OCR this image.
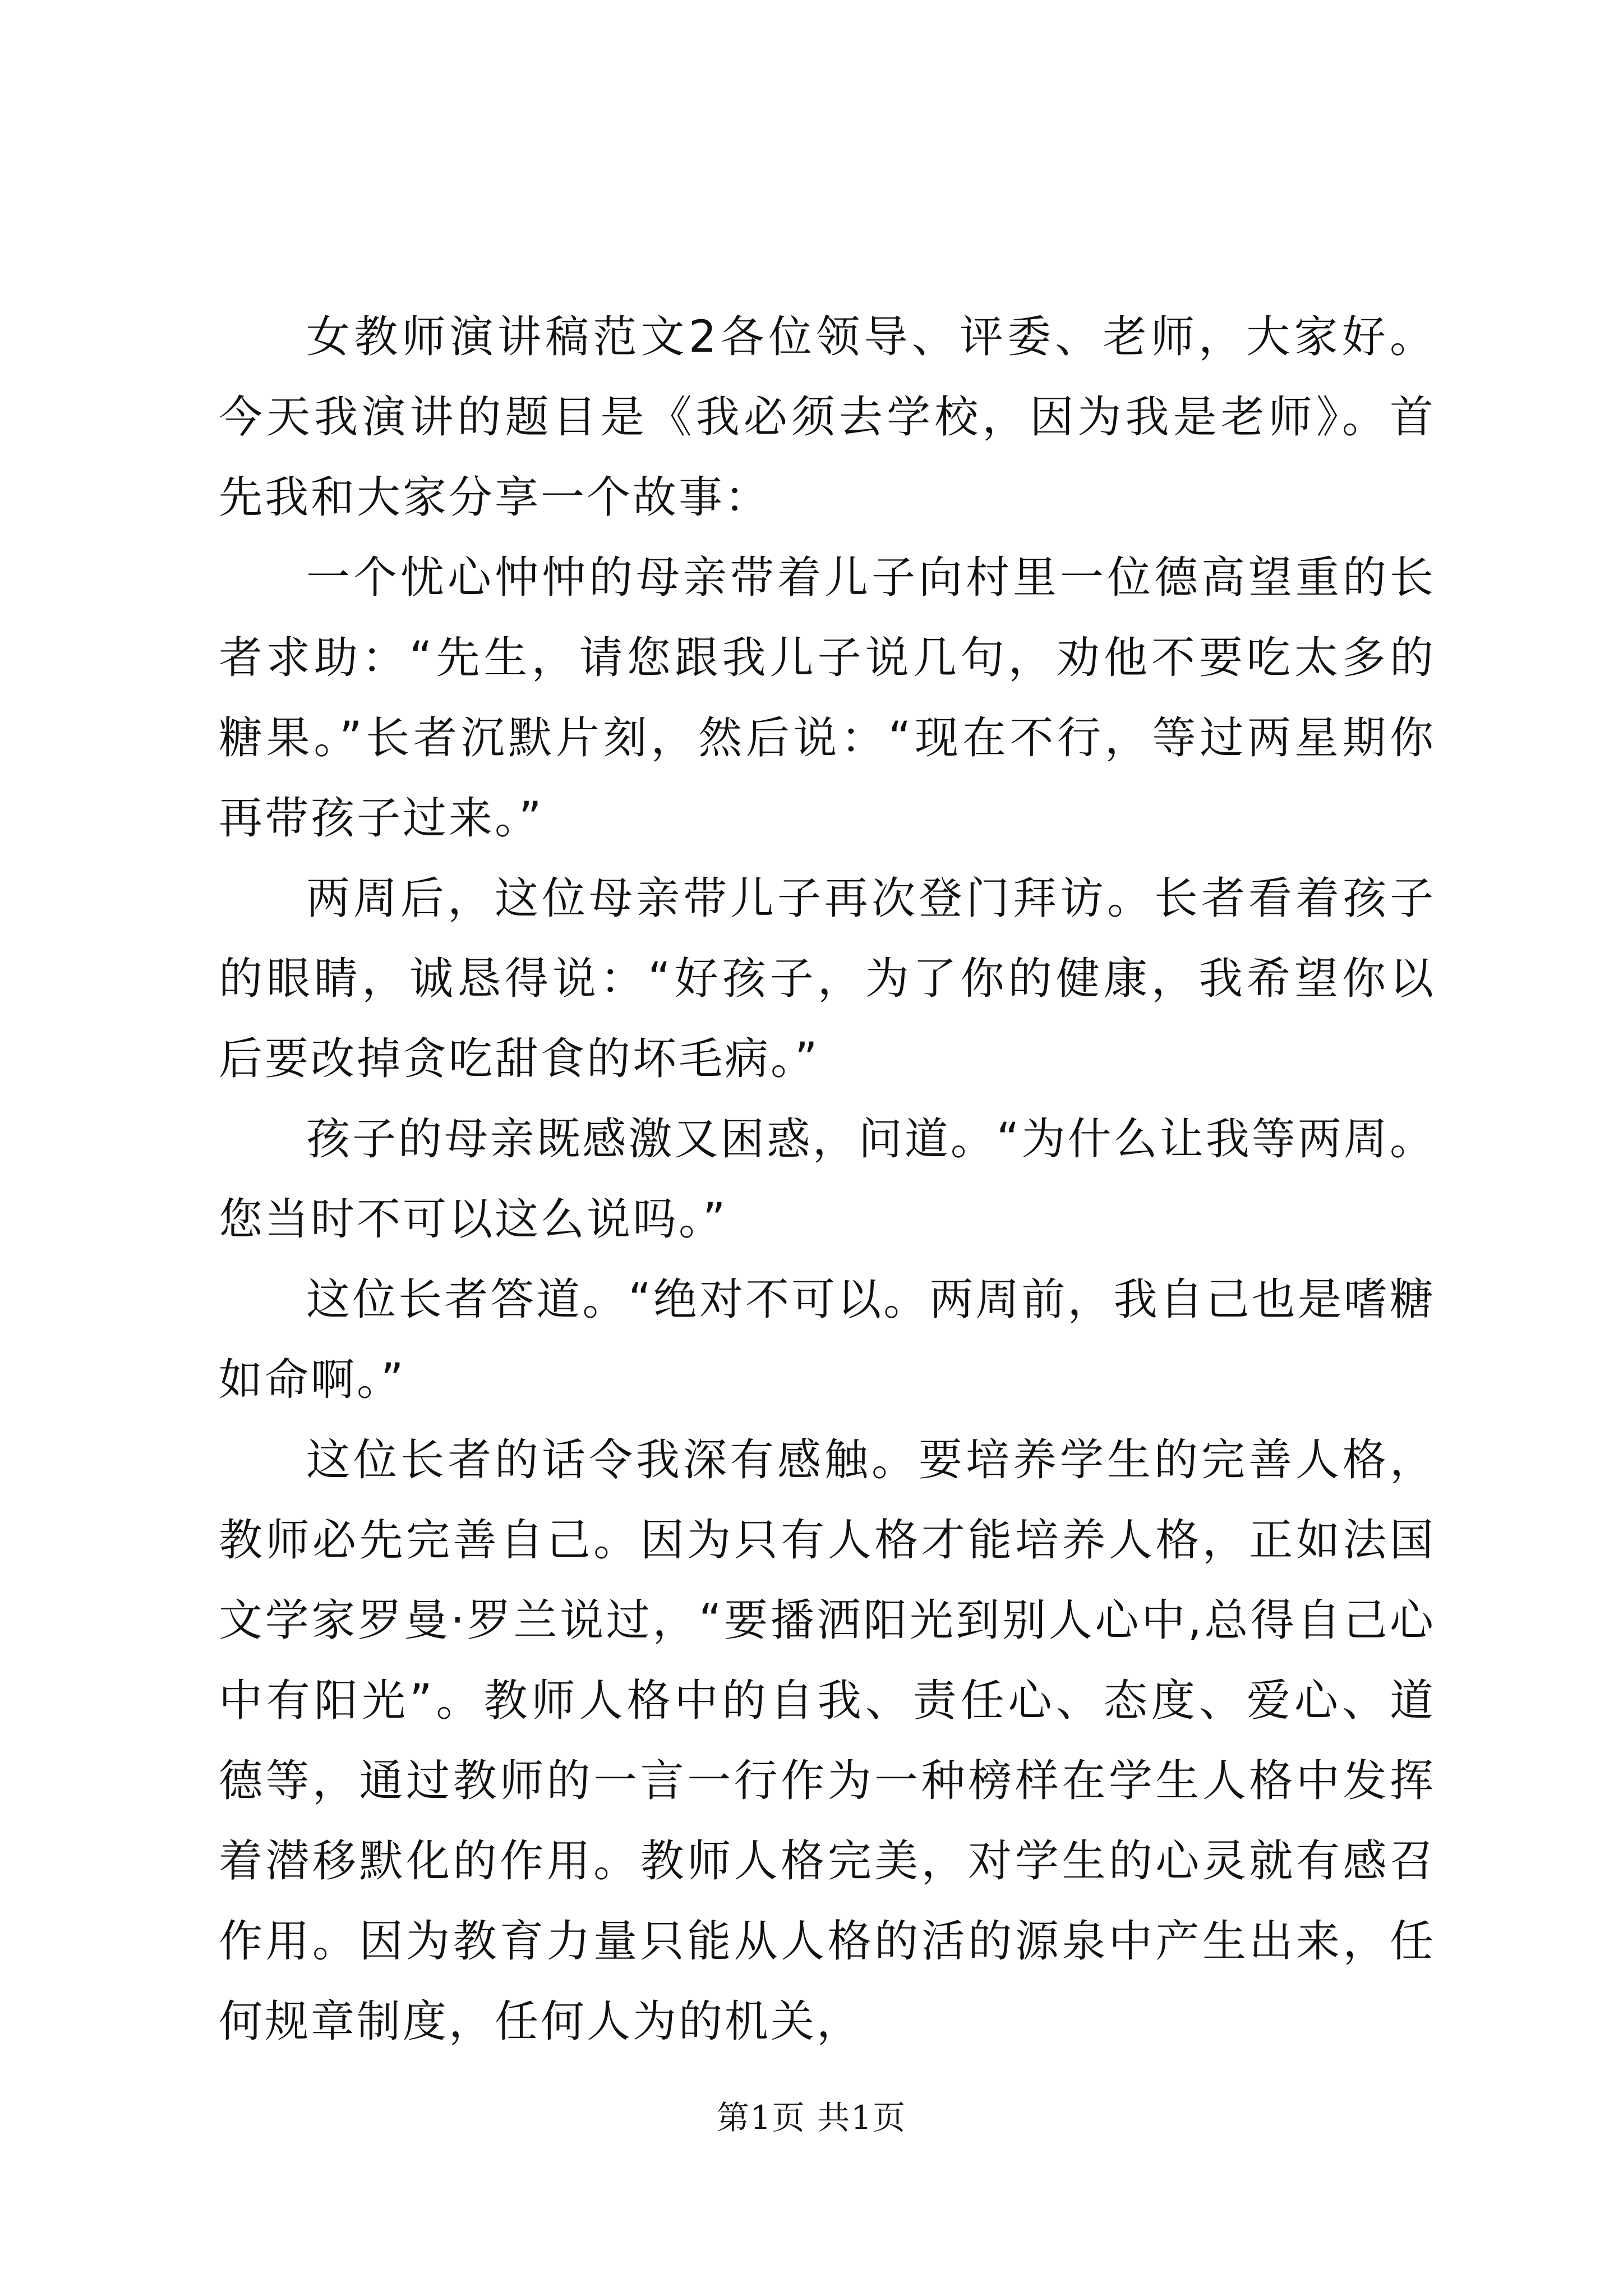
女教师演讲稿范文2各位领导、评委、老师，大家好。今天我演讲的题目是《我必须去学校，因为我是老师》。首先我和大家分享一个故事：

一个忧心忡忡的母亲带着儿子向村里一位德高望重的长者求助：“先生，请您跟我儿子说几句，劝他不要吃太多的糖果。”长者沉默片刻，然后说：“现在不行，等过两星期你再带孩子过来。”

两周后，这位母亲带儿子再次登门拜访。长者看着孩子的眼睛，诚恳得说：“好孩子，为了你的健康，我希望你以后要改掉贪吃甜食的坏毛病。”

孩子的母亲既感激又困惑，问道。“为什么让我等两周。您当时不可以这么说吗。”

这位长者答道。“绝对不可以。两周前，我自己也是嗜糖如命啊。”

这位长者的话令我深有感触。要培养学生的完善人格，教师必先完善自己。因为只有人格才能培养人格，正如法国文学家罗曼·罗兰说过，“要播洒阳光到别人心中,总得自己心中有阳光”。教师人格中的自我、责任心、态度、爱心、道德等，通过教师的一言一行作为一种榜样在学生人格中发挥着潜移默化的作用。教师人格完美，对学生的心灵就有感召作用。因为教育力量只能从人格的活的源泉中产生出来，任何规章制度，任何人为的机关，

第1页 共1页
